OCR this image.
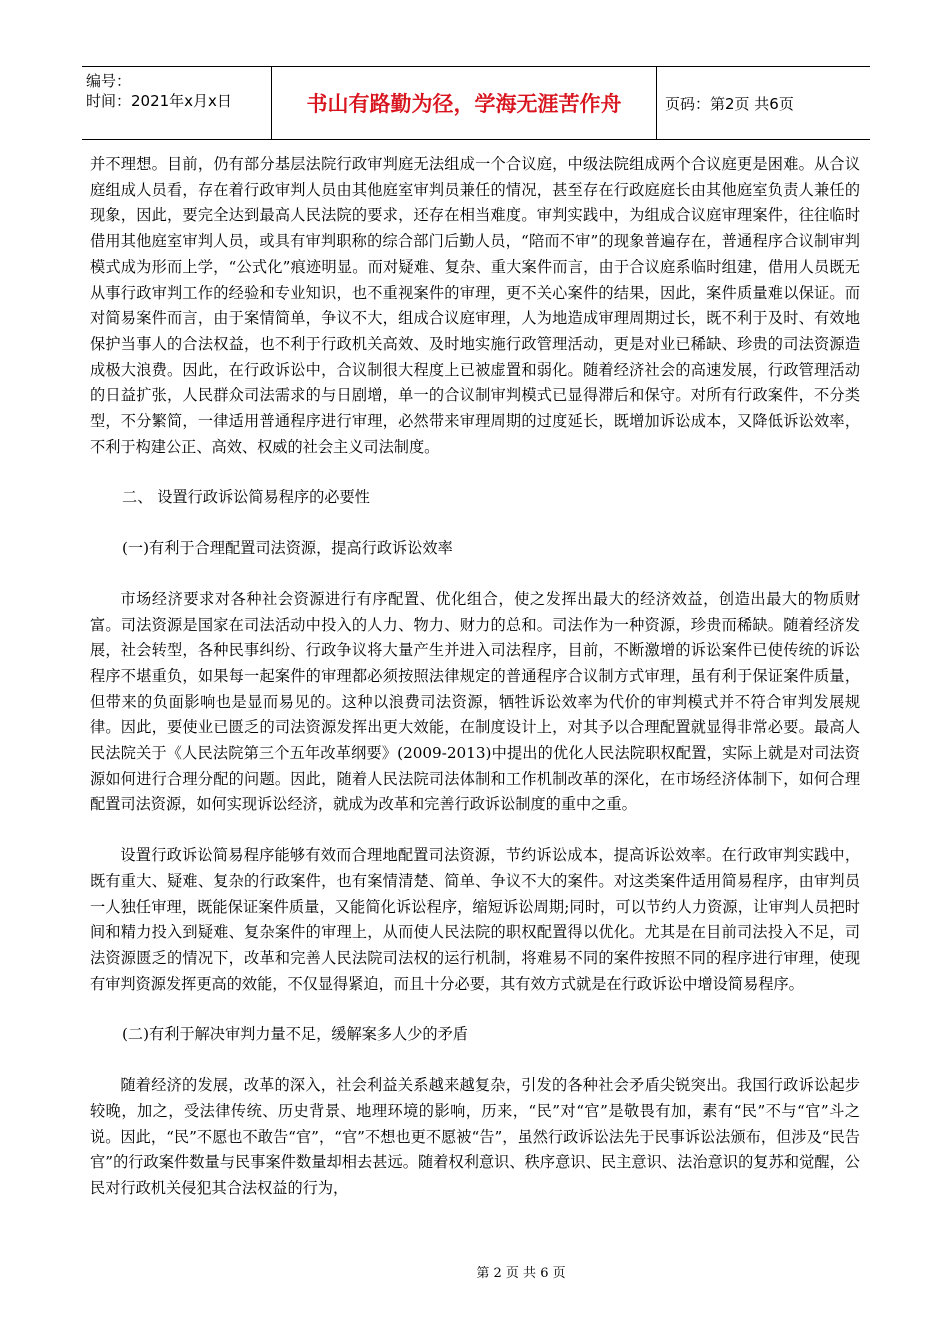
编号：
时间：2021年x月x日	书山有路勤为径，学海无涯苦作舟	页码：第2页 共6页

并不理想。目前，仍有部分基层法院行政审判庭无法组成一个合议庭，中级法院组成两个合议庭更是困难。从合议庭组成人员看，存在着行政审判人员由其他庭室审判员兼任的情况，甚至存在行政庭庭长由其他庭室负责人兼任的现象，因此，要完全达到最高人民法院的要求，还存在相当难度。审判实践中，为组成合议庭审理案件，往往临时借用其他庭室审判人员，或具有审判职称的综合部门后勤人员，“陪而不审”的现象普遍存在，普通程序合议制审判模式成为形而上学，“公式化”痕迹明显。而对疑难、复杂、重大案件而言，由于合议庭系临时组建，借用人员既无从事行政审判工作的经验和专业知识，也不重视案件的审理，更不关心案件的结果，因此，案件质量难以保证。而对简易案件而言，由于案情简单，争议不大，组成合议庭审理，人为地造成审理周期过长，既不利于及时、有效地保护当事人的合法权益，也不利于行政机关高效、及时地实施行政管理活动，更是对业已稀缺、珍贵的司法资源造成极大浪费。因此，在行政诉讼中，合议制很大程度上已被虚置和弱化。随着经济社会的高速发展，行政管理活动的日益扩张，人民群众司法需求的与日剧增，单一的合议制审判模式已显得滞后和保守。对所有行政案件，不分类型，不分繁简，一律适用普通程序进行审理，必然带来审理周期的过度延长，既增加诉讼成本，又降低诉讼效率，不利于构建公正、高效、权威的社会主义司法制度。

二、 设置行政诉讼简易程序的必要性

(一)有利于合理配置司法资源，提高行政诉讼效率

市场经济要求对各种社会资源进行有序配置、优化组合，使之发挥出最大的经济效益，创造出最大的物质财富。司法资源是国家在司法活动中投入的人力、物力、财力的总和。司法作为一种资源，珍贵而稀缺。随着经济发展，社会转型，各种民事纠纷、行政争议将大量产生并进入司法程序，目前，不断激增的诉讼案件已使传统的诉讼程序不堪重负，如果每一起案件的审理都必须按照法律规定的普通程序合议制方式审理，虽有利于保证案件质量，但带来的负面影响也是显而易见的。这种以浪费司法资源，牺牲诉讼效率为代价的审判模式并不符合审判发展规律。因此，要使业已匮乏的司法资源发挥出更大效能，在制度设计上，对其予以合理配置就显得非常必要。最高人民法院关于《人民法院第三个五年改革纲要》(2009-2013)中提出的优化人民法院职权配置，实际上就是对司法资源如何进行合理分配的问题。因此，随着人民法院司法体制和工作机制改革的深化，在市场经济体制下，如何合理配置司法资源，如何实现诉讼经济，就成为改革和完善行政诉讼制度的重中之重。

设置行政诉讼简易程序能够有效而合理地配置司法资源，节约诉讼成本，提高诉讼效率。在行政审判实践中，既有重大、疑难、复杂的行政案件，也有案情清楚、简单、争议不大的案件。对这类案件适用简易程序，由审判员一人独任审理，既能保证案件质量，又能简化诉讼程序，缩短诉讼周期;同时，可以节约人力资源，让审判人员把时间和精力投入到疑难、复杂案件的审理上，从而使人民法院的职权配置得以优化。尤其是在目前司法投入不足，司法资源匮乏的情况下，改革和完善人民法院司法权的运行机制，将难易不同的案件按照不同的程序进行审理，使现有审判资源发挥更高的效能，不仅显得紧迫，而且十分必要，其有效方式就是在行政诉讼中增设简易程序。

(二)有利于解决审判力量不足，缓解案多人少的矛盾

随着经济的发展，改革的深入，社会利益关系越来越复杂，引发的各种社会矛盾尖锐突出。我国行政诉讼起步较晚，加之，受法律传统、历史背景、地理环境的影响，历来，“民”对“官”是敬畏有加，素有“民”不与“官”斗之说。因此，“民”不愿也不敢告“官”，“官”不想也更不愿被“告”，虽然行政诉讼法先于民事诉讼法颁布，但涉及“民告官”的行政案件数量与民事案件数量却相去甚远。随着权利意识、秩序意识、民主意识、法治意识的复苏和觉醒，公民对行政机关侵犯其合法权益的行为，

第 2 页 共 6 页
